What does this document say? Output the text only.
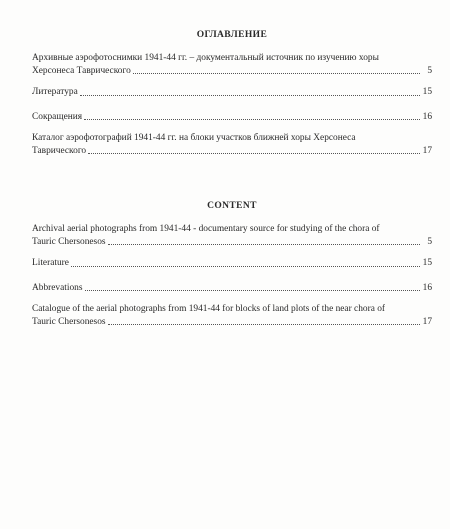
ОГЛАВЛЕНИЕ
Архивные аэрофотоснимки 1941-44 гг. – документальный источник по изучению хоры
Херсонеса Таврического	5
Литература	15
Сокращения	16
Каталог аэрофотографий 1941-44 гг. на блоки участков ближней хоры Херсонеса
Таврического	17
CONTENT
Archival aerial photographs from 1941-44 - documentary source for studying of the chora of
Tauric Chersonesos	5
Literature	15
Abbrevations	16
Catalogue of the aerial photographs from 1941-44 for blocks of land plots of the near chora of
Tauric Chersonesos	17
